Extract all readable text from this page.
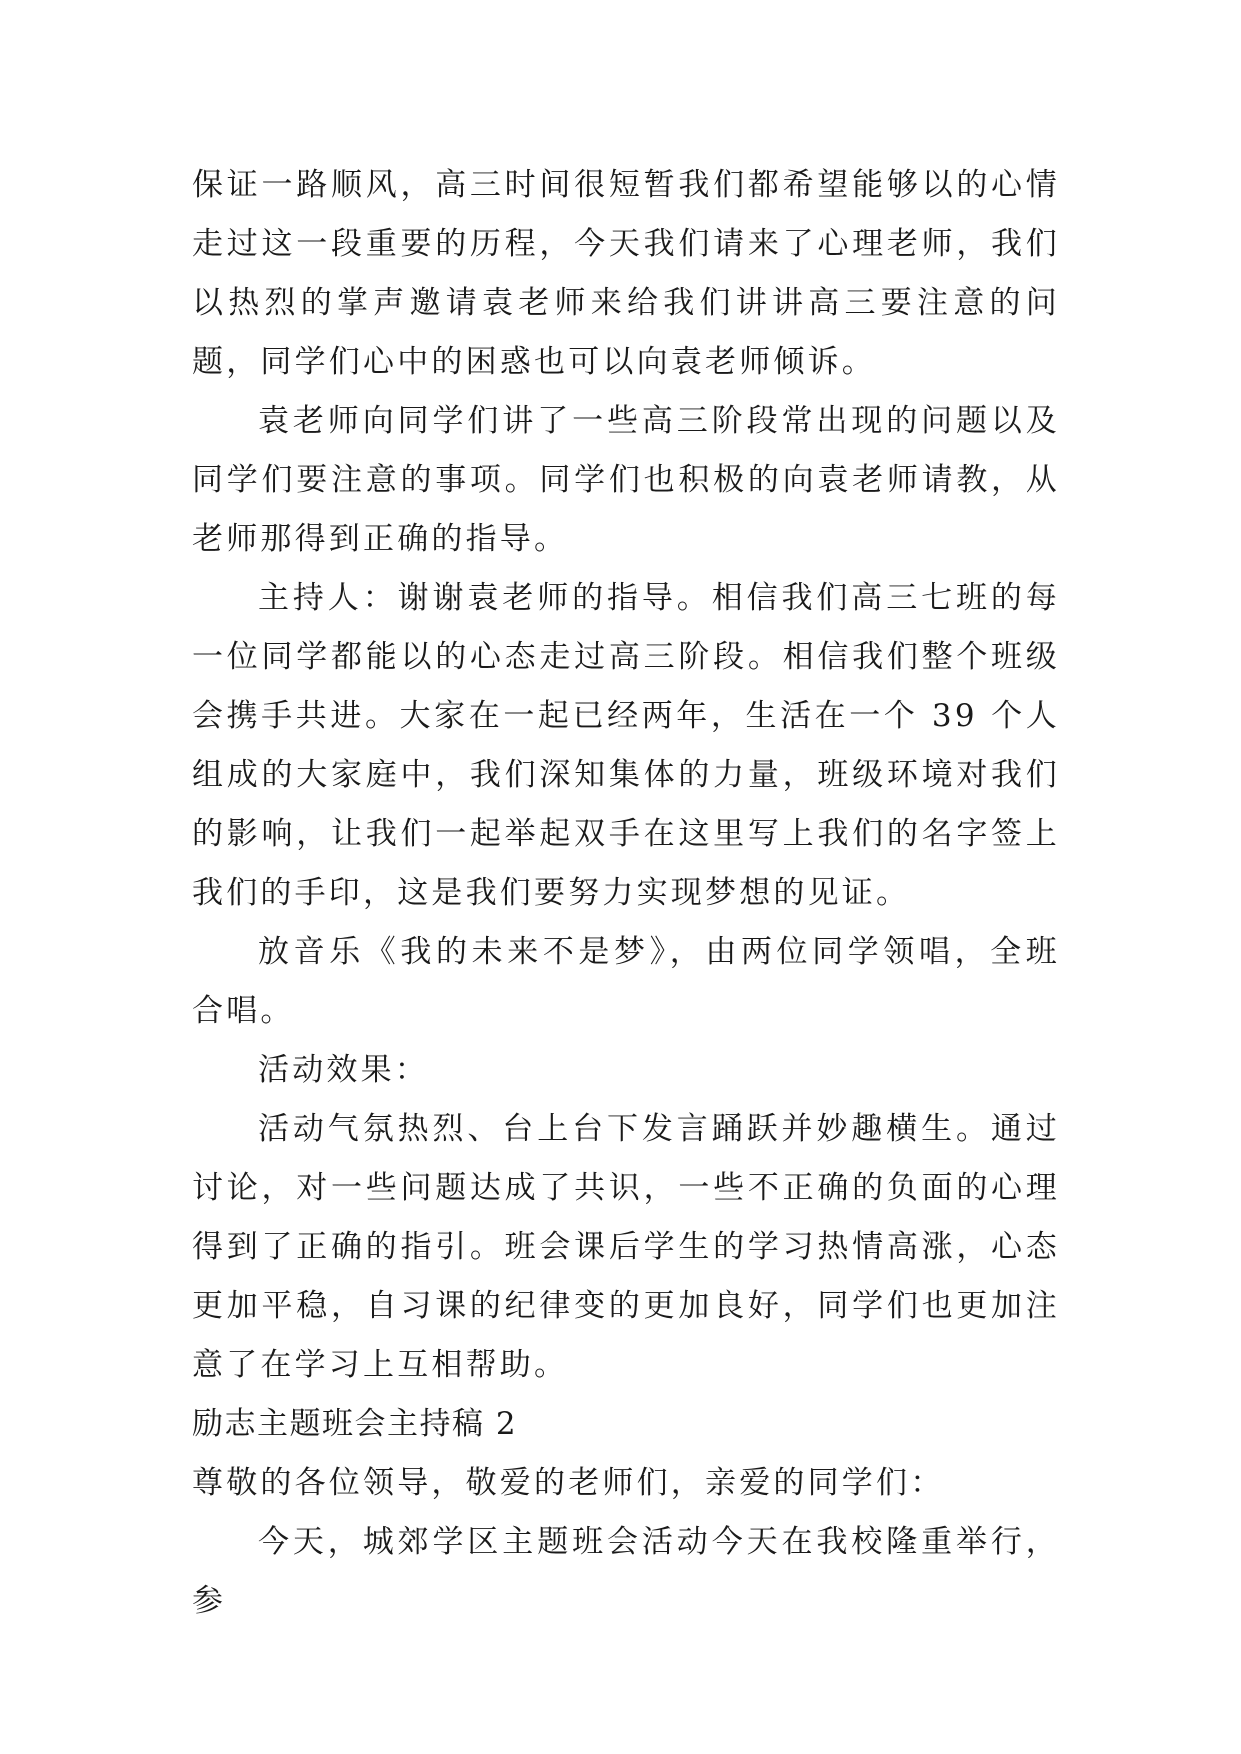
保证一路顺风，高三时间很短暂我们都希望能够以的心情走过这一段重要的历程，今天我们请来了心理老师，我们以热烈的掌声邀请袁老师来给我们讲讲高三要注意的问题，同学们心中的困惑也可以向袁老师倾诉。

袁老师向同学们讲了一些高三阶段常出现的问题以及同学们要注意的事项。同学们也积极的向袁老师请教，从老师那得到正确的指导。

主持人：谢谢袁老师的指导。相信我们高三七班的每一位同学都能以的心态走过高三阶段。相信我们整个班级会携手共进。大家在一起已经两年，生活在一个 39 个人组成的大家庭中，我们深知集体的力量，班级环境对我们的影响，让我们一起举起双手在这里写上我们的名字签上我们的手印，这是我们要努力实现梦想的见证。

放音乐《我的未来不是梦》，由两位同学领唱，全班合唱。

活动效果：

活动气氛热烈、台上台下发言踊跃并妙趣横生。通过讨论，对一些问题达成了共识，一些不正确的负面的心理得到了正确的指引。班会课后学生的学习热情高涨，心态更加平稳，自习课的纪律变的更加良好，同学们也更加注意了在学习上互相帮助。

励志主题班会主持稿 2

尊敬的各位领导，敬爱的老师们，亲爱的同学们：

今天，城郊学区主题班会活动今天在我校隆重举行，参
